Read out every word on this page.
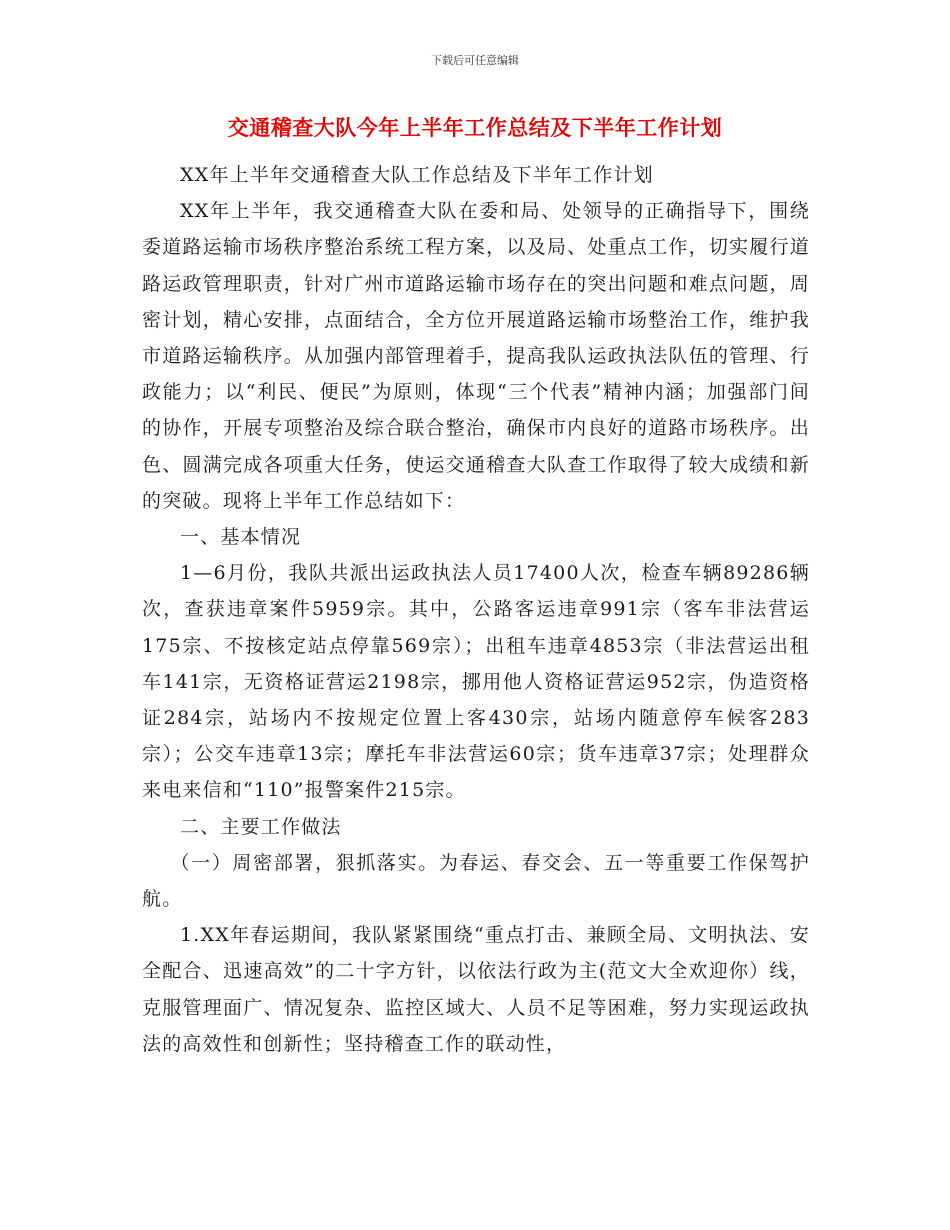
下载后可任意编辑
交通稽查大队今年上半年工作总结及下半年工作计划

XX年上半年交通稽查大队工作总结及下半年工作计划

XX年上半年，我交通稽查大队在委和局、处领导的正确指导下，围绕委道路运输市场秩序整治系统工程方案，以及局、处重点工作，切实履行道路运政管理职责，针对广州市道路运输市场存在的突出问题和难点问题，周密计划，精心安排，点面结合，全方位开展道路运输市场整治工作，维护我市道路运输秩序。从加强内部管理着手，提高我队运政执法队伍的管理、行政能力；以“利民、便民”为原则，体现“三个代表”精神内涵；加强部门间的协作，开展专项整治及综合联合整治，确保市内良好的道路市场秩序。出色、圆满完成各项重大任务，使运交通稽查大队查工作取得了较大成绩和新的突破。现将上半年工作总结如下：

一、基本情况

1—6月份，我队共派出运政执法人员17400人次，检查车辆89286辆次，查获违章案件5959宗。其中，公路客运违章991宗（客车非法营运175宗、不按核定站点停靠569宗）；出租车违章4853宗（非法营运出租车141宗，无资格证营运2198宗，挪用他人资格证营运952宗，伪造资格证284宗，站场内不按规定位置上客430宗，站场内随意停车候客283宗）；公交车违章13宗；摩托车非法营运60宗；货车违章37宗；处理群众来电来信和“110”报警案件215宗。

二、主要工作做法

（一）周密部署，狠抓落实。为春运、春交会、五一等重要工作保驾护航。

1.XX年春运期间，我队紧紧围绕“重点打击、兼顾全局、文明执法、安全配合、迅速高效”的二十字方针，以依法行政为主(范文大全欢迎你）线，克服管理面广、情况复杂、监控区域大、人员不足等困难，努力实现运政执法的高效性和创新性；坚持稽查工作的联动性，
